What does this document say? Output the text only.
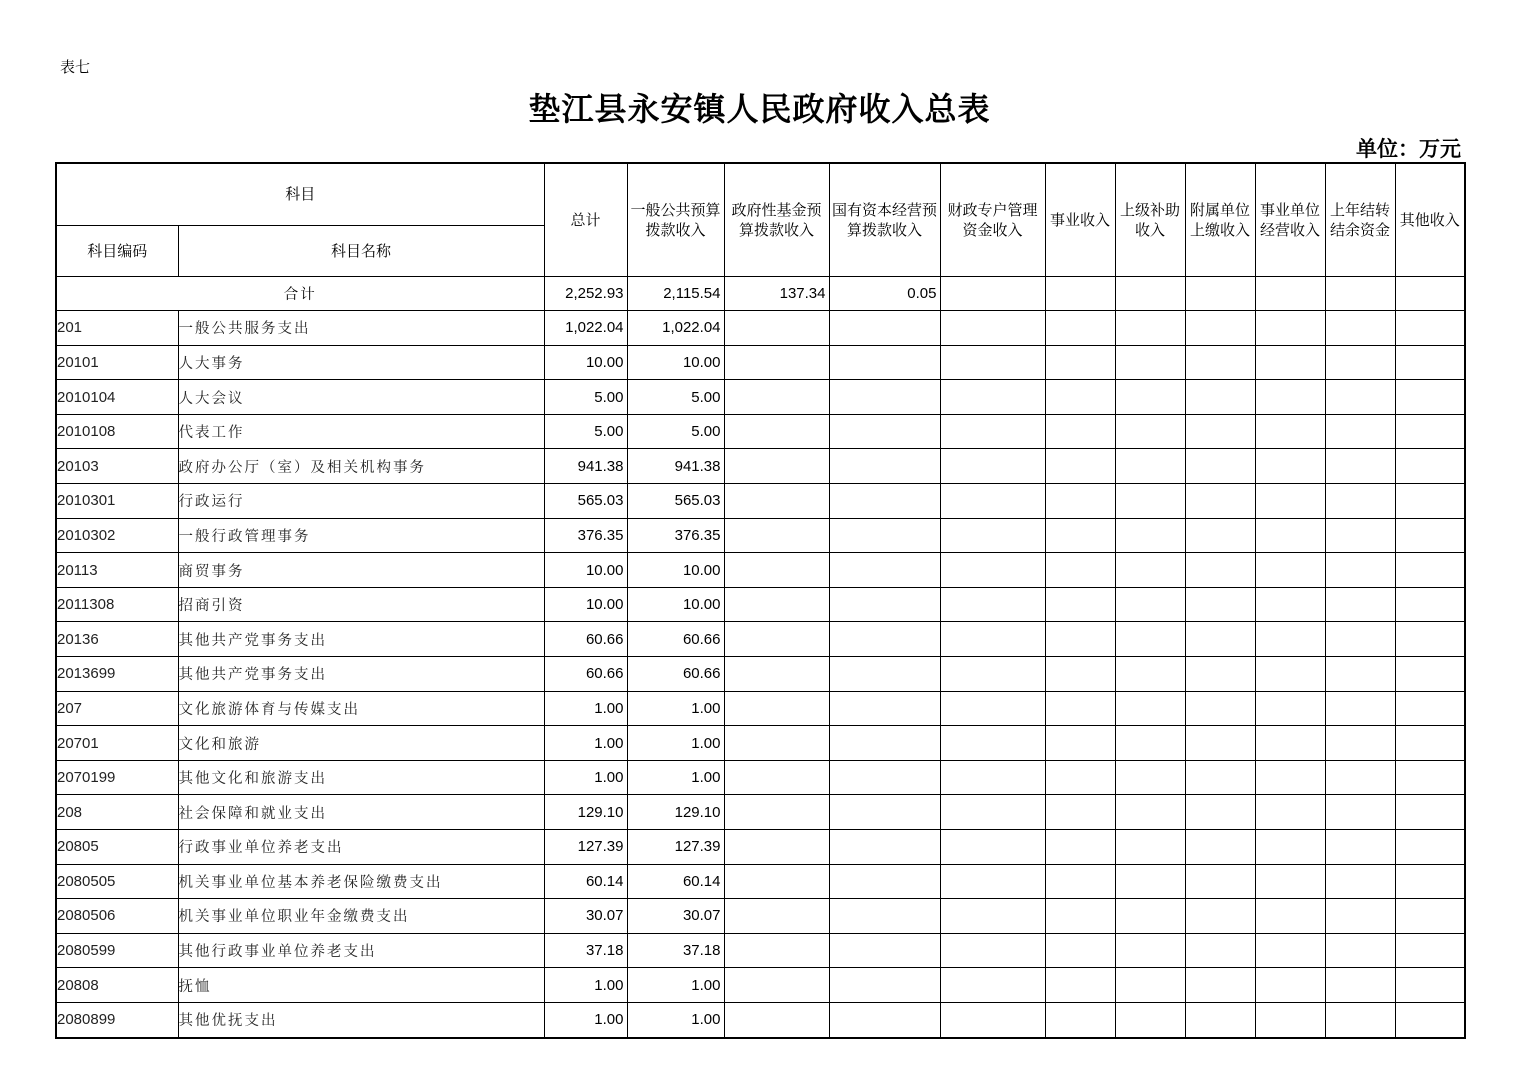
表七
垫江县永安镇人民政府收入总表
单位：万元
科目		总计	一般公共预算拨款收入	政府性基金预算拨款收入	国有资本经营预算拨款收入	财政专户管理资金收入	事业收入	上级补助收入	附属单位上缴收入	事业单位经营收入	上年结转结余资金	其他收入
科目编码	科目名称											
合计		2,252.93	2,115.54	137.34	0.05							
201	一般公共服务支出	1,022.04	1,022.04									
20101	人大事务	10.00	10.00									
2010104	人大会议	5.00	5.00									
2010108	代表工作	5.00	5.00									
20103	政府办公厅（室）及相关机构事务	941.38	941.38									
2010301	行政运行	565.03	565.03									
2010302	一般行政管理事务	376.35	376.35									
20113	商贸事务	10.00	10.00									
2011308	招商引资	10.00	10.00									
20136	其他共产党事务支出	60.66	60.66									
2013699	其他共产党事务支出	60.66	60.66									
207	文化旅游体育与传媒支出	1.00	1.00									
20701	文化和旅游	1.00	1.00									
2070199	其他文化和旅游支出	1.00	1.00									
208	社会保障和就业支出	129.10	129.10									
20805	行政事业单位养老支出	127.39	127.39									
2080505	机关事业单位基本养老保险缴费支出	60.14	60.14									
2080506	机关事业单位职业年金缴费支出	30.07	30.07									
2080599	其他行政事业单位养老支出	37.18	37.18									
20808	抚恤	1.00	1.00									
2080899	其他优抚支出	1.00	1.00									
